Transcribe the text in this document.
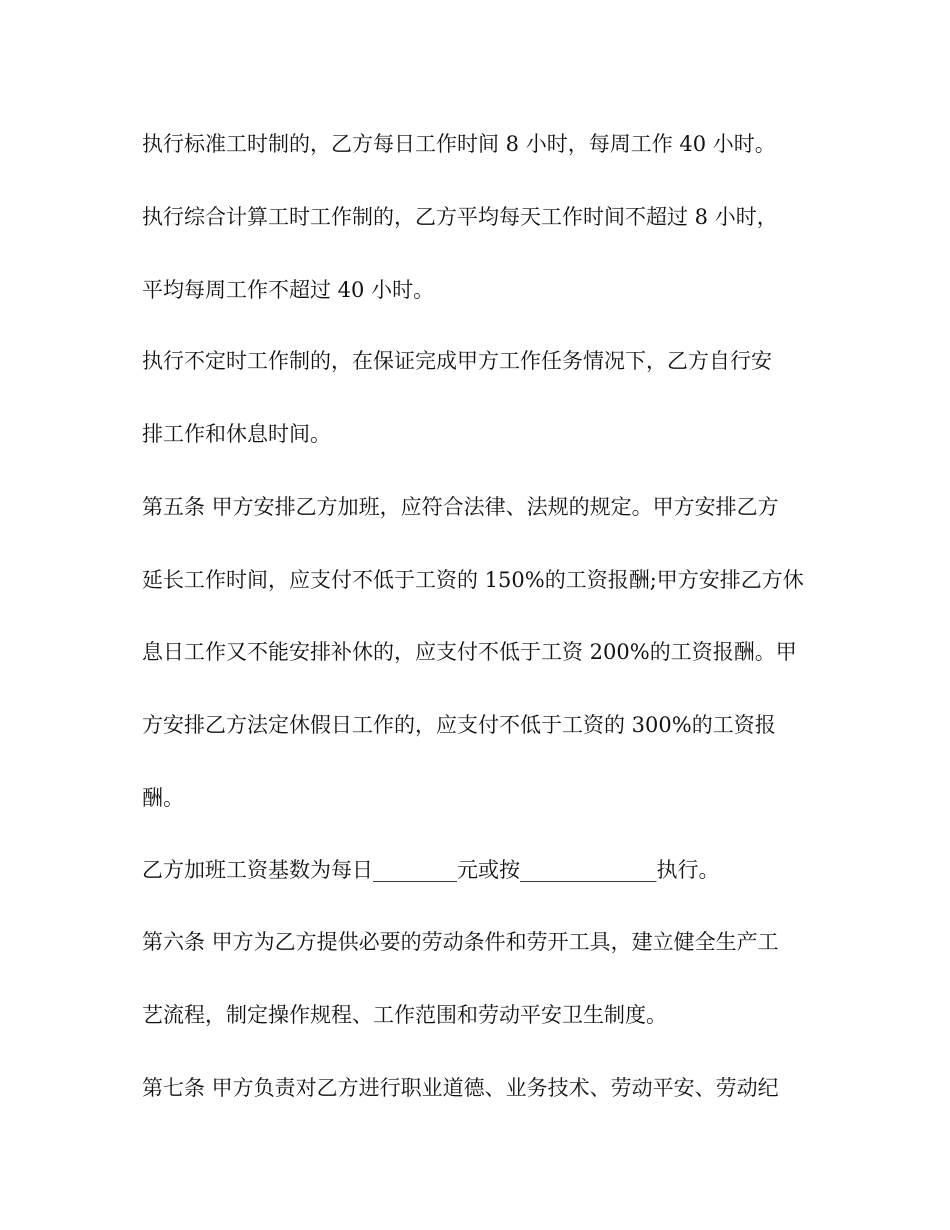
执行标准工时制的，乙方每日工作时间 8 小时，每周工作 40 小时。

执行综合计算工时工作制的，乙方平均每天工作时间不超过 8 小时，

平均每周工作不超过 40 小时。

执行不定时工作制的，在保证完成甲方工作任务情况下，乙方自行安

排工作和休息时间。

第五条 甲方安排乙方加班，应符合法律、法规的规定。甲方安排乙方

延长工作时间，应支付不低于工资的 150%的工资报酬;甲方安排乙方休

息日工作又不能安排补休的，应支付不低于工资 200%的工资报酬。甲

方安排乙方法定休假日工作的，应支付不低于工资的 300%的工资报

酬。

乙方加班工资基数为每日________元或按_____________执行。

第六条 甲方为乙方提供必要的劳动条件和劳开工具，建立健全生产工

艺流程，制定操作规程、工作范围和劳动平安卫生制度。

第七条 甲方负责对乙方进行职业道德、业务技术、劳动平安、劳动纪
